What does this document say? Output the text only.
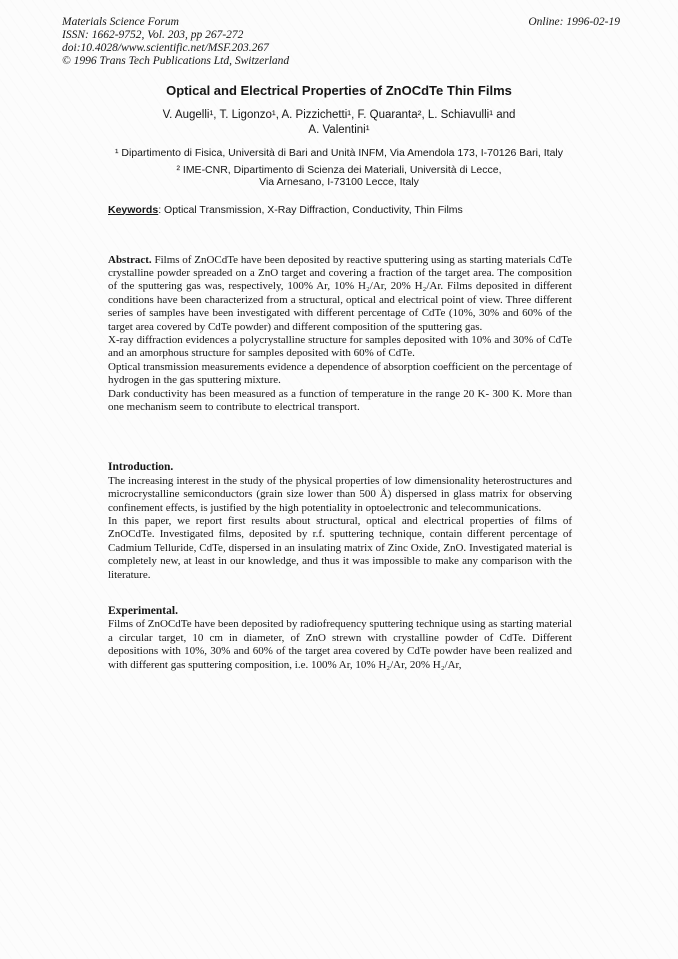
Materials Science Forum	Online: 1996-02-19
ISSN: 1662-9752, Vol. 203, pp 267-272
doi:10.4028/www.scientific.net/MSF.203.267
© 1996 Trans Tech Publications Ltd, Switzerland
Optical and Electrical Properties of ZnOCdTe Thin Films
V. Augelli¹, T. Ligonzo¹, A. Pizzichetti¹, F. Quaranta², L. Schiavulli¹ and
A. Valentini¹
¹ Dipartimento di Fisica, Università di Bari and Unità INFM, Via Amendola 173, I-70126 Bari, Italy
² IME-CNR, Dipartimento di Scienza dei Materiali, Università di Lecce,
Via Arnesano, I-73100 Lecce, Italy
Keywords: Optical Transmission, X-Ray Diffraction, Conductivity, Thin Films

Abstract. Films of ZnOCdTe have been deposited by reactive sputtering using as starting materials CdTe crystalline powder spreaded on a ZnO target and covering a fraction of the target area. The composition of the sputtering gas was, respectively, 100% Ar, 10% H₂/Ar, 20% H₂/Ar. Films deposited in different conditions have been characterized from a structural, optical and electrical point of view. Three different series of samples have been investigated with different percentage of CdTe (10%, 30% and 60% of the target area covered by CdTe powder) and different composition of the sputtering gas.

X-ray diffraction evidences a polycrystalline structure for samples deposited with 10% and 30% of CdTe and an amorphous structure for samples deposited with 60% of CdTe.

Optical transmission measurements evidence a dependence of absorption coefficient on the percentage of hydrogen in the gas sputtering mixture.

Dark conductivity has been measured as a function of temperature in the range 20 K- 300 K. More than one mechanism seem to contribute to electrical transport.

Introduction.

The increasing interest in the study of the physical properties of low dimensionality heterostructures and microcrystalline semiconductors (grain size lower than 500 Å) dispersed in glass matrix for observing confinement effects, is justified by the high potentiality in optoelectronic and telecommunications.

In this paper, we report first results about structural, optical and electrical properties of films of ZnOCdTe. Investigated films, deposited by r.f. sputtering technique, contain different percentage of Cadmium Telluride, CdTe, dispersed in an insulating matrix of Zinc Oxide, ZnO. Investigated material is completely new, at least in our knowledge, and thus it was impossible to make any comparison with the literature.

Experimental.

Films of ZnOCdTe have been deposited by radiofrequency sputtering technique using as starting material a circular target, 10 cm in diameter, of ZnO strewn with crystalline powder of CdTe. Different depositions with 10%, 30% and 60% of the target area covered by CdTe powder have been realized and with different gas sputtering composition, i.e. 100% Ar, 10% H₂/Ar, 20% H₂/Ar,
